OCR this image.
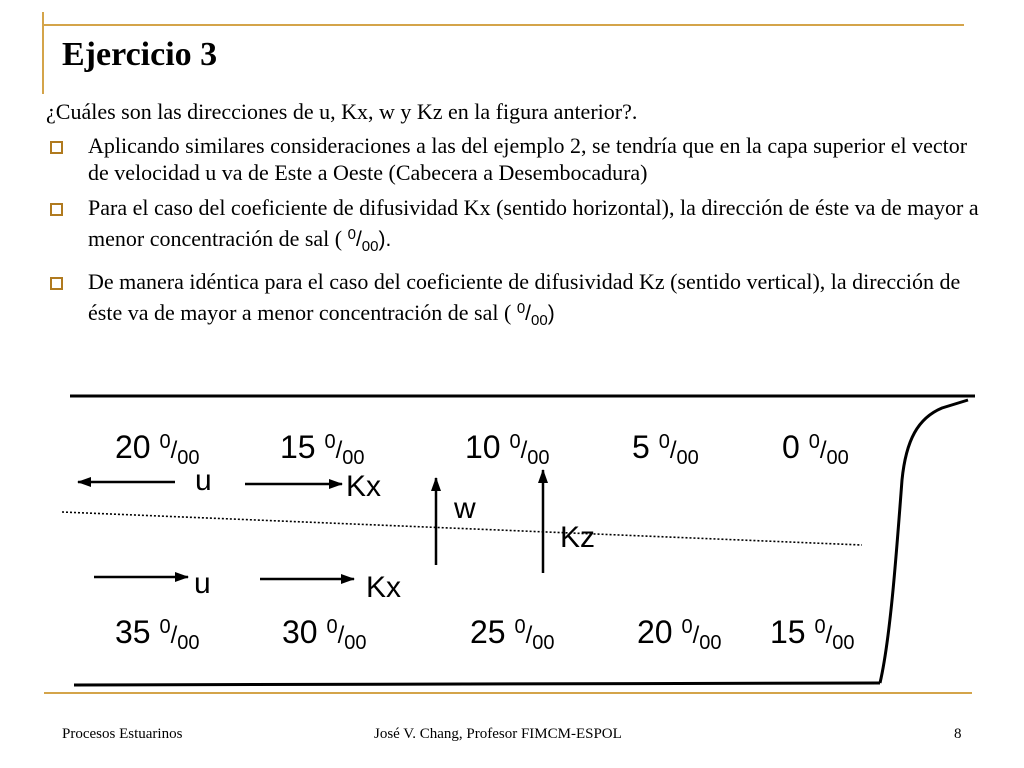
Ejercicio 3

¿Cuáles son las direcciones de u, Kx, w y Kz en la figura anterior?.

Aplicando similares consideraciones a las del ejemplo 2, se tendría que en la capa superior el vector de velocidad u va de Este a Oeste (Cabecera a Desembocadura)

Para el caso del coeficiente de difusividad Kx (sentido horizontal), la dirección de éste va de mayor a menor concentración de sal ( $^0/_{00}$).

De manera idéntica para el caso del coeficiente de difusividad Kz (sentido vertical), la dirección de éste va de mayor a menor concentración de sal ( $^0/_{00}$)

20 $^0_/$00	15 $^0_/$00	10 $^0_/$00	5 $^0_/$00	0 $^0_/$00
35 $^0_/$00	30 $^0_/$00	25 $^0_/$00	20 $^0_/$00 15 $^0_/$00
u	Kx
w
Kz
u	Kx
Procesos Estuarinos	José V. Chang, Profesor FIMCM-ESPOL	8
